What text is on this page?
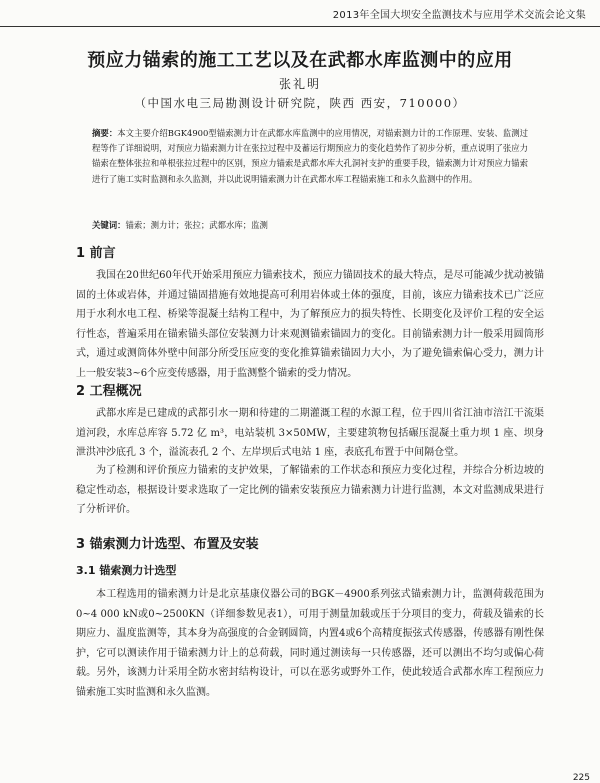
2013年全国大坝安全监测技术与应用学术交流会论文集
预应力锚索的施工工艺以及在武都水库监测中的应用
张礼明
（中国水电三局勘测设计研究院，陕西 西安，710000）
摘要：本文主要介绍BGK4900型锚索测力计在武都水库监测中的应用情况，对锚索测力计的工作原理、安装、监测过程等作了详细说明，对预应力锚索测力计在张拉过程中及蓄运行期预应力的变化趋势作了初步分析，重点说明了张应力锚索在整体张拉和单根张拉过程中的区别，预应力锚索是武都水库大孔洞衬支护的重要手段，锚索测力计对预应力锚索进行了施工实时监测和永久监测，并以此说明锚索测力计在武都水库工程锚索施工和永久监测中的作用。
关键词：锚索；测力计；张拉；武都水库；监测
1 前言
我国在20世纪60年代开始采用预应力锚索技术，预应力锚固技术的最大特点，是尽可能减少扰动被锚固的土体或岩体，并通过锚固措施有效地提高可利用岩体或土体的强度，目前，该应力锚索技术已广泛应用于水利水电工程、桥梁等混凝土结构工程中，为了解预应力的损失特性、长期变化及评价工程的安全运行性态，普遍采用在锚索锚头部位安装测力计来观测锚索锚固力的变化。目前锚索测力计一般采用圆筒形式，通过或测筒体外壁中间部分所受压应变的变化推算锚索锚固力大小，为了避免锚索偏心受力，测力计上一般安装3~6个应变传感器，用于监测整个锚索的受力情况。
2 工程概况
武都水库是已建成的武都引水一期和待建的二期灌溉工程的水源工程，位于四川省江油市涪江干流渠道河段，水库总库容 5.72 亿 m³，电站装机 3×50MW，主要建筑物包括碾压混凝土重力坝 1 座、坝身泄洪冲沙底孔 3 个，溢流表孔 2 个、左岸坝后式电站 1 座，表底孔布置于中间隔仓堂。
为了检测和评价预应力锚索的支护效果，了解锚索的工作状态和预应力变化过程，并综合分析边坡的稳定性动态，根据设计要求选取了一定比例的锚索安装预应力锚索测力计进行监测，本文对监测成果进行了分析评价。
3 锚索测力计选型、布置及安装
3.1 锚索测力计选型
本工程选用的锚索测力计是北京基康仪器公司的BGK－4900系列弦式锚索测力计，监测荷载范围为0~4 000 kN或0~2500KN（详细参数见表1），可用于测量加载或压于分项目的变力，荷载及锚索的长期应力、温度监测等，其本身为高强度的合金钢圆筒，内置4或6个高精度振弦式传感器，传感器有刚性保护，它可以测读作用于锚索测力计上的总荷载，同时通过测读每一只传感器，还可以测出不均匀或偏心荷载。另外，该测力计采用全防水密封结构设计，可以在恶劣或野外工作，使此较适合武都水库工程预应力锚索施工实时监测和永久监测。
225
